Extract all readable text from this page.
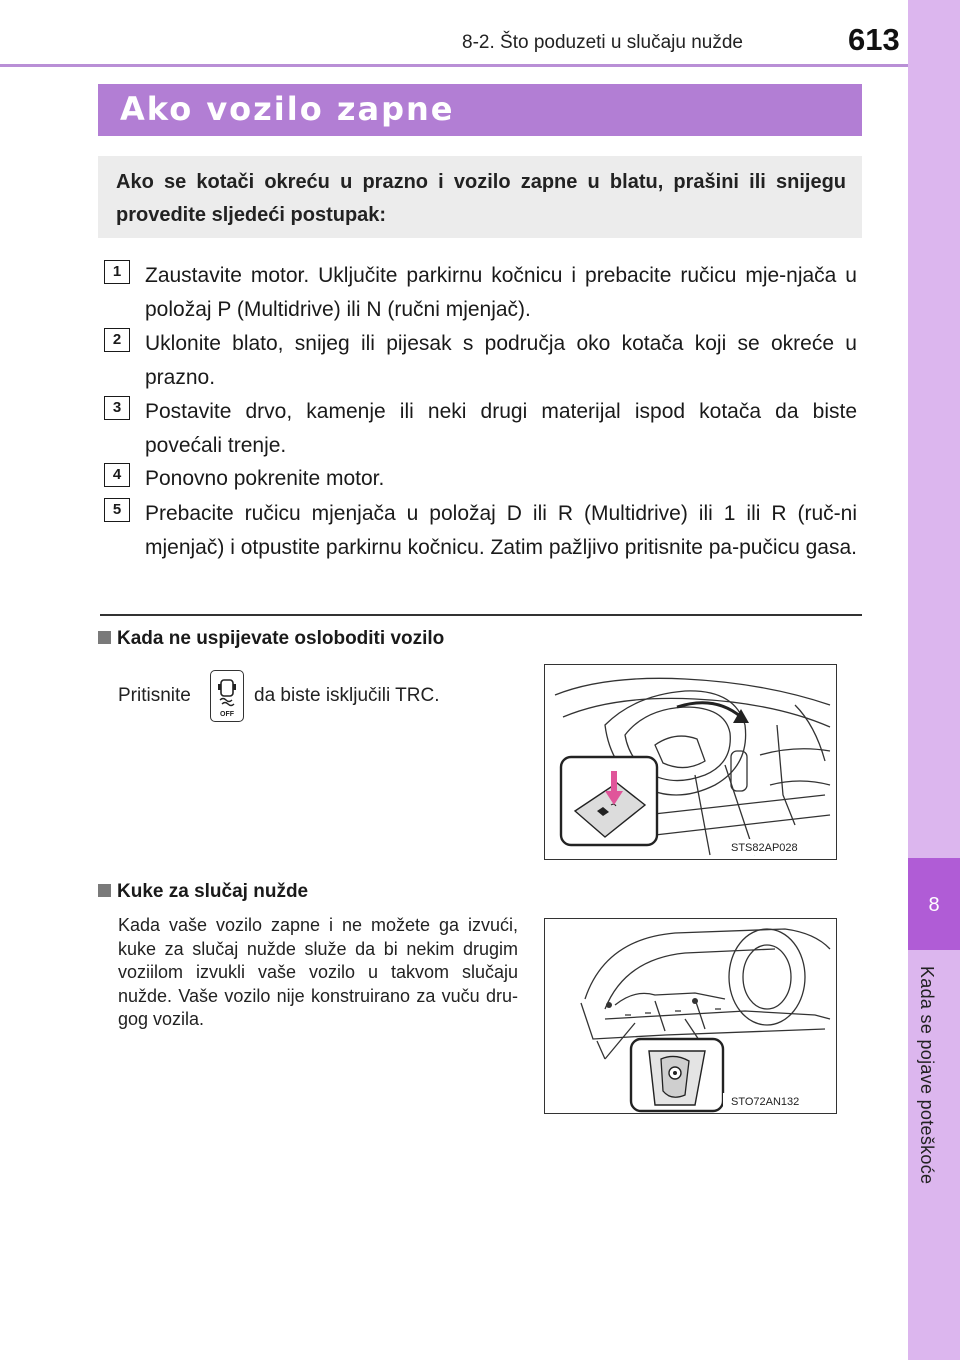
8-2. Što poduzeti u slučaju nužde	613
8
Kada se pojave poteškoće
Ako vozilo zapne
Ako se kotači okreću u prazno i vozilo zapne u blatu, prašini ili snijegu provedite sljedeći postupak:
1	Zaustavite motor. Uključite parkirnu kočnicu i prebacite ručicu mje-njača u položaj P (Multidrive) ili N (ručni mjenjač).
2	Uklonite blato, snijeg ili pijesak s područja oko kotača koji se okreće u prazno.
3	Postavite drvo, kamenje ili neki drugi materijal ispod kotača da biste povećali trenje.
4	Ponovno pokrenite motor.
5	Prebacite ručicu mjenjača u položaj D ili R (Multidrive) ili 1 ili R (ruč-ni mjenjač) i otpustite parkirnu kočnicu. Zatim pažljivo pritisnite pa-pučicu gasa.
Kada ne uspijevate osloboditi vozilo
Pritisnite
OFF
da biste isključili TRC.
STS82AP028
Kuke za slučaj nužde
Kada vaše vozilo zapne i ne možete ga izvući, kuke za slučaj nužde služe da bi nekim drugim voziilom izvukli vaše vozilo u takvom slučaju nužde. Vaše vozilo nije konstruirano za vuču dru-gog vozila.
STO72AN132
